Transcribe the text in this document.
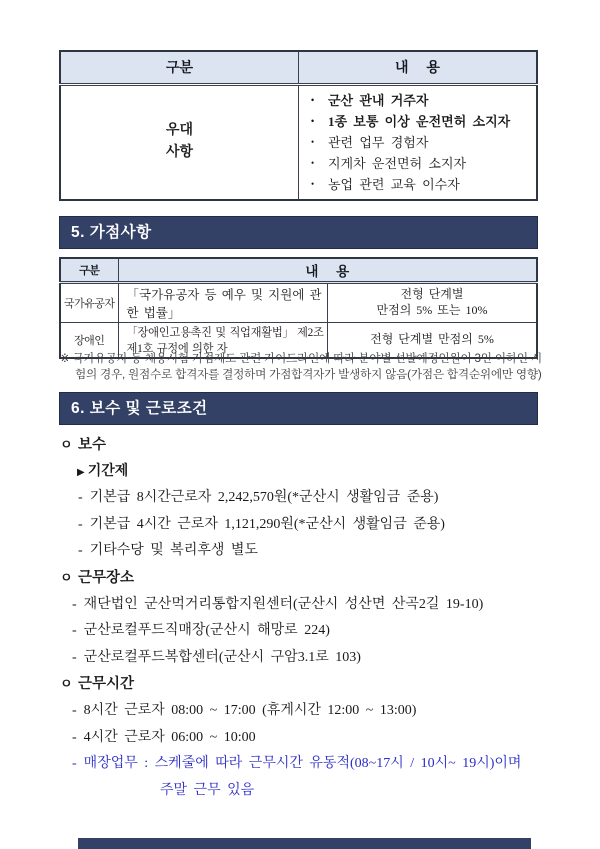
구분	내 용

우대
사항

•	군산 관내 거주자
•	1종 보통 이상 운전면허 소지자
•	관련 업무 경험자
•	지게차 운전면허 소지자
•	농업 관련 교육 이수자
5. 가점사항
구분	내 용	
국가유공자	「국가유공자 등 예우 및 지원에 관한 법률」	전형 단계별
만점의 5% 또는 10%

장애인	「장애인고용촉진 및 직업재활법」 제2조 제1호 규정에 의한 자	전형 단계별 만점의 5%
※ 국가유공자 등 채용시험 가점제도 관련 가이드라인에 따라 분야별 선발예정인원이 3인 이하인 시험의 경우, 원점수로 합격자를 결정하며 가점합격자가 발생하지 않음(가점은 합격순위에만 영향)
6. 보수 및 근로조건
ㅇ 보수
▶ 기간제
- 기본급 8시간근로자 2,242,570원(*군산시 생활임금 준용)
- 기본급 4시간 근로자 1,121,290원(*군산시 생활임금 준용)
- 기타수당 및 복리후생 별도
ㅇ 근무장소
- 재단법인 군산먹거리통합지원센터(군산시 성산면 산곡2길 19-10)
- 군산로컬푸드직매장(군산시 해망로 224)
- 군산로컬푸드복합센터(군산시 구암3.1로 103)
ㅇ 근무시간
- 8시간 근로자 08:00 ~ 17:00 (휴게시간 12:00 ~ 13:00)
- 4시간 근로자 06:00 ~ 10:00
- 매장업무 : 스케줄에 따라 근무시간 유동적(08~17시 / 10시~ 19시)이며
주말 근무 있음
